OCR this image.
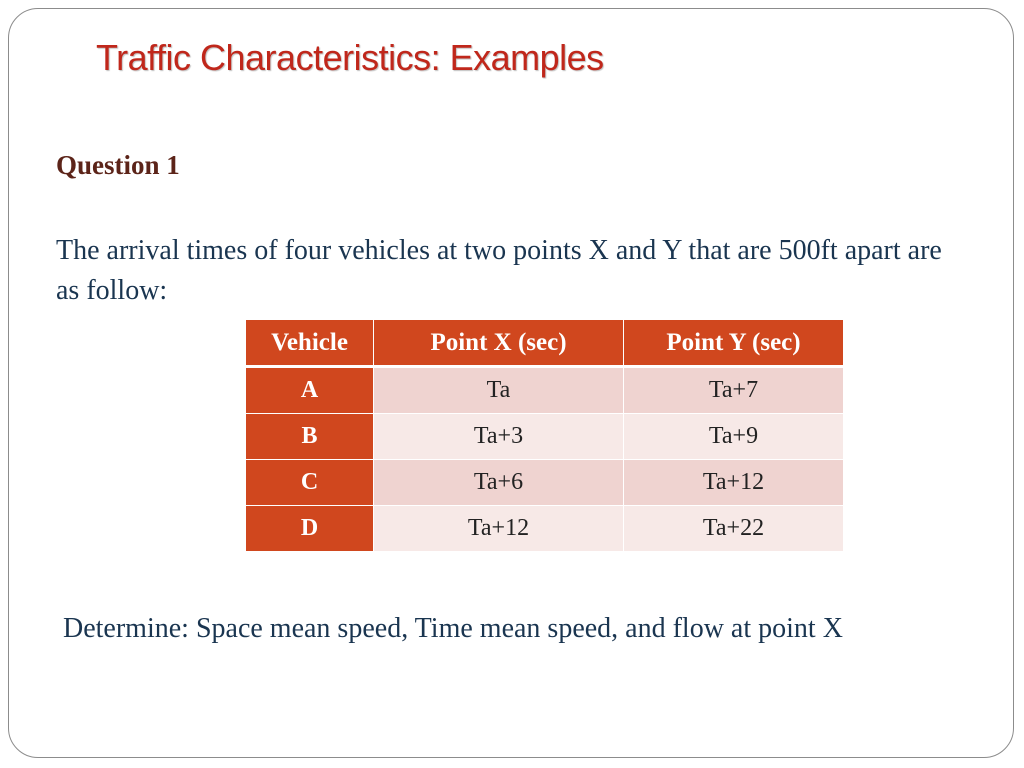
Traffic Characteristics: Examples
Question 1
The arrival times of four vehicles at two points X and Y that are 500ft apart are as follow:
Vehicle	Point X (sec)	Point Y (sec)
A	Ta	Ta+7
B	Ta+3	Ta+9
C	Ta+6	Ta+12
D	Ta+12	Ta+22
Determine: Space mean speed, Time mean speed, and flow at point X
